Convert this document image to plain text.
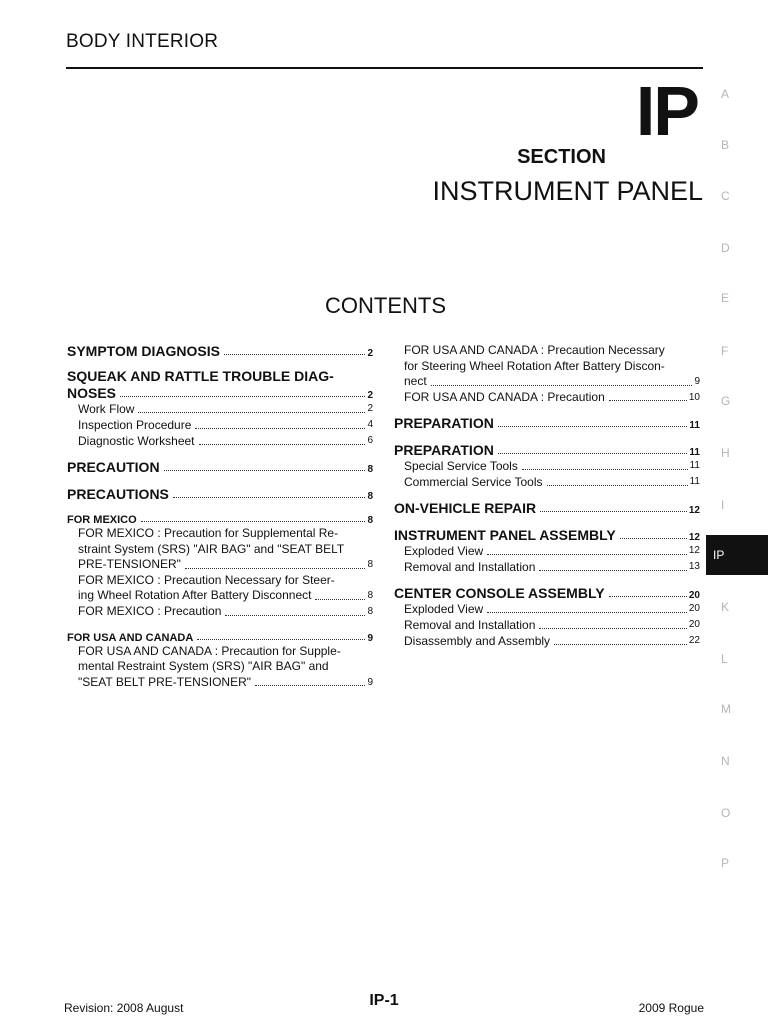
BODY INTERIOR
SECTION
IP
INSTRUMENT PANEL
CONTENTS
SYMPTOM DIAGNOSIS	2
SQUEAK AND RATTLE TROUBLE DIAG-
NOSES	2
Work Flow	2
Inspection Procedure	4
Diagnostic Worksheet	6
PRECAUTION	8
PRECAUTIONS	8
FOR MEXICO	8
FOR MEXICO : Precaution for Supplemental Re-
straint System (SRS) "AIR BAG" and "SEAT BELT
PRE-TENSIONER"	8
FOR MEXICO : Precaution Necessary for Steer-
ing Wheel Rotation After Battery Disconnect	8
FOR MEXICO : Precaution	8
FOR USA AND CANADA	9
FOR USA AND CANADA : Precaution for Supple-
mental Restraint System (SRS) "AIR BAG" and
"SEAT BELT PRE-TENSIONER"	9
FOR USA AND CANADA : Precaution Necessary
for Steering Wheel Rotation After Battery Discon-
nect	9
FOR USA AND CANADA : Precaution	10
PREPARATION	11
PREPARATION	11
Special Service Tools	11
Commercial Service Tools	11
ON-VEHICLE REPAIR	12
INSTRUMENT PANEL ASSEMBLY	12
Exploded View	12
Removal and Installation	13
CENTER CONSOLE ASSEMBLY	20
Exploded View	20
Removal and Installation	20
Disassembly and Assembly	22
A
B
C
D
E
F
G
H
I
IP
K
L
M
N
O
P
Revision: 2008 August	IP-1	2009 Rogue
